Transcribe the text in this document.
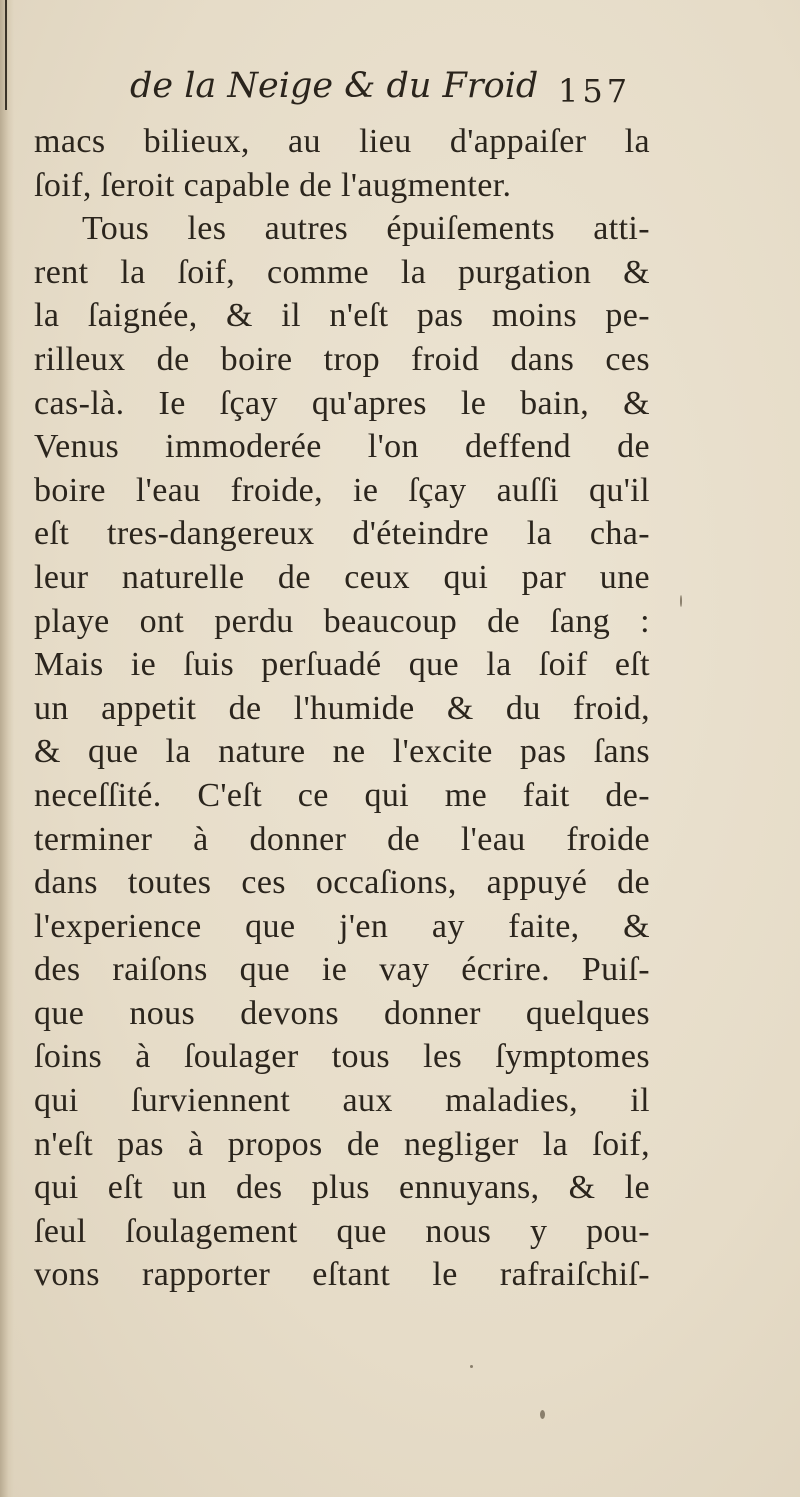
de la Neige & du Froid 157
macs bilieux, au lieu d'appaiſer la
ſoif, ſeroit capable de l'augmenter.
Tous les autres épuiſements atti-
rent la ſoif, comme la purgation &
la ſaignée, & il n'eſt pas moins pe-
rilleux de boire trop froid dans ces
cas-là. Ie ſçay qu'apres le bain, &
Venus immoderée l'on deffend de
boire l'eau froide, ie ſçay auſſi qu'il
eſt tres-dangereux d'éteindre la cha-
leur naturelle de ceux qui par une
playe ont perdu beaucoup de ſang :
Mais ie ſuis perſuadé que la ſoif eſt
un appetit de l'humide & du froid,
& que la nature ne l'excite pas ſans
neceſſité. C'eſt ce qui me fait de-
terminer à donner de l'eau froide
dans toutes ces occaſions, appuyé de
l'experience que j'en ay faite, &
des raiſons que ie vay écrire. Puiſ-
que nous devons donner quelques
ſoins à ſoulager tous les ſymptomes
qui ſurviennent aux maladies, il
n'eſt pas à propos de negliger la ſoif,
qui eſt un des plus ennuyans, & le
ſeul ſoulagement que nous y pou-
vons rapporter eſtant le rafraiſchiſ-
